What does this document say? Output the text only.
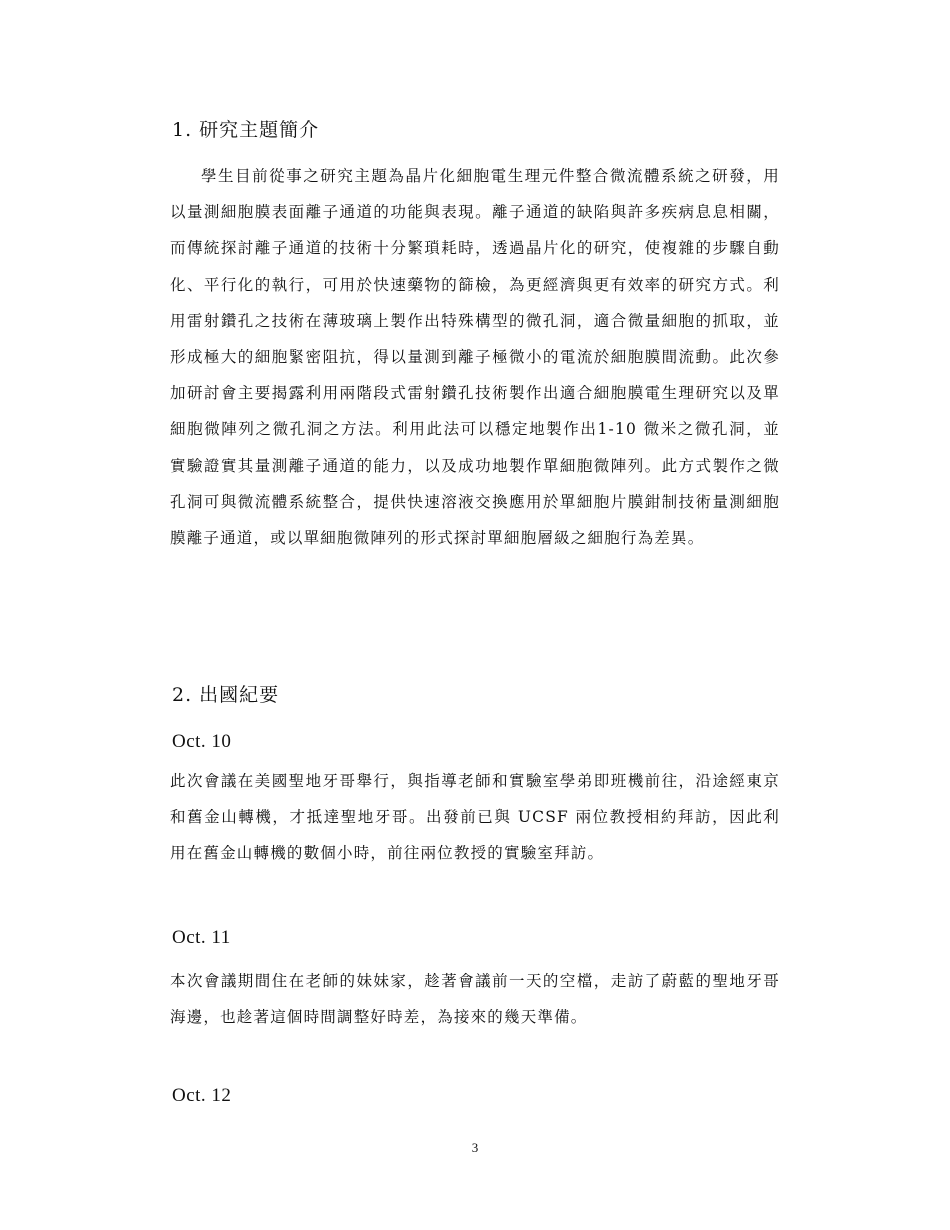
1. 研究主題簡介

學生目前從事之研究主題為晶片化細胞電生理元件整合微流體系統之研發，用以量測細胞膜表面離子通道的功能與表現。離子通道的缺陷與許多疾病息息相關，而傳統探討離子通道的技術十分繁瑣耗時，透過晶片化的研究，使複雜的步驟自動化、平行化的執行，可用於快速藥物的篩檢，為更經濟與更有效率的研究方式。利用雷射鑽孔之技術在薄玻璃上製作出特殊構型的微孔洞，適合微量細胞的抓取，並形成極大的細胞緊密阻抗，得以量測到離子極微小的電流於細胞膜間流動。此次參加研討會主要揭露利用兩階段式雷射鑽孔技術製作出適合細胞膜電生理研究以及單細胞微陣列之微孔洞之方法。利用此法可以穩定地製作出1-10 微米之微孔洞，並實驗證實其量測離子通道的能力，以及成功地製作單細胞微陣列。此方式製作之微孔洞可與微流體系統整合，提供快速溶液交換應用於單細胞片膜鉗制技術量測細胞膜離子通道，或以單細胞微陣列的形式探討單細胞層級之細胞行為差異。

2. 出國紀要
Oct. 10

此次會議在美國聖地牙哥舉行，與指導老師和實驗室學弟即班機前往，沿途經東京和舊金山轉機，才抵達聖地牙哥。出發前已與 UCSF 兩位教授相約拜訪，因此利用在舊金山轉機的數個小時，前往兩位教授的實驗室拜訪。

Oct. 11

本次會議期間住在老師的妹妹家，趁著會議前一天的空檔，走訪了蔚藍的聖地牙哥海邊，也趁著這個時間調整好時差，為接來的幾天準備。

Oct. 12
3
